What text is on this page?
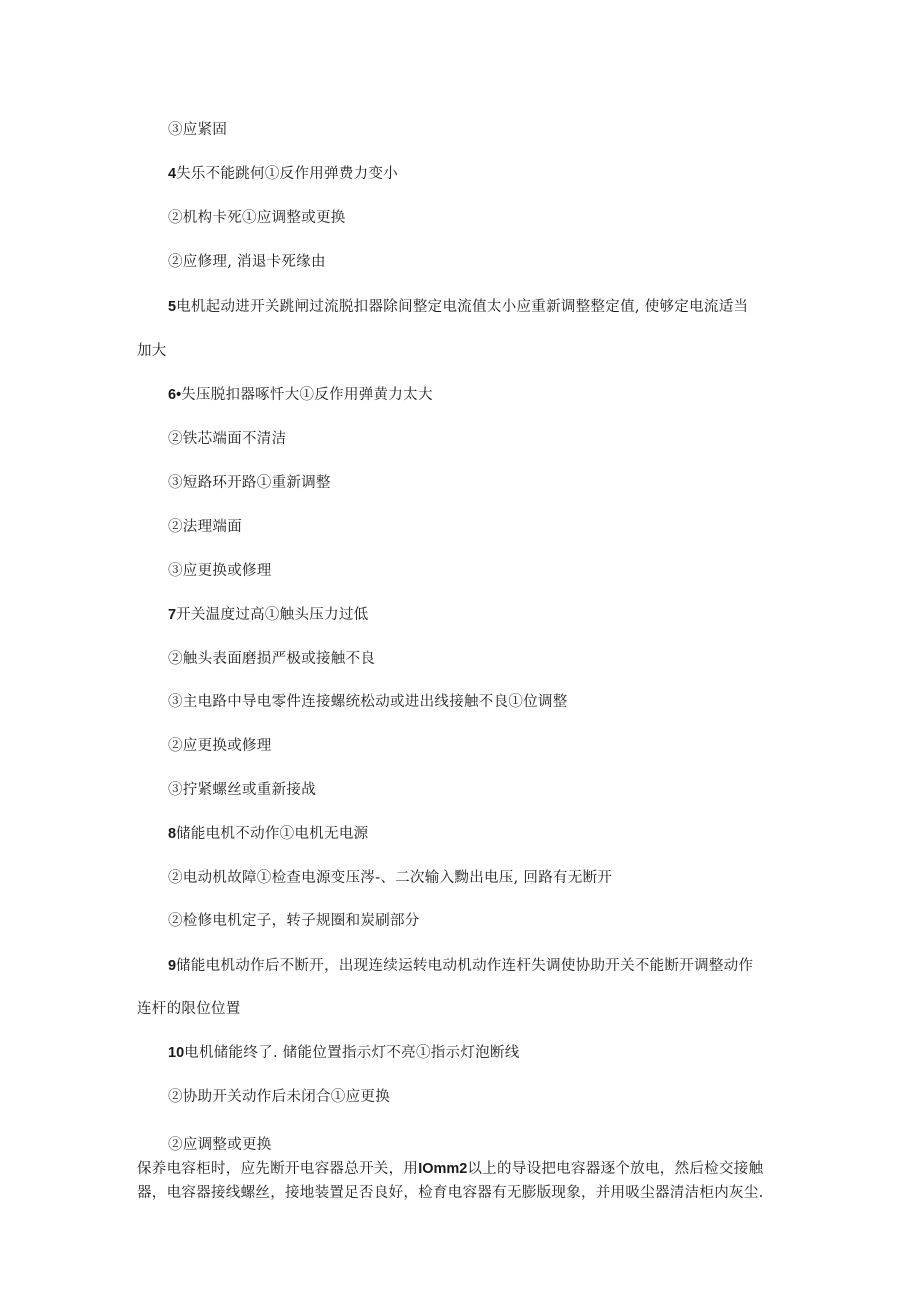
③应紧固
4失乐不能跳何①反作用弹费力变小
②机构卡死①应调整或更换
②应修理, 消退卡死缘由
5电机起动进开关跳闸过流脱扣器除间整定电流值太小应重新调整整定值, 使够定电流适当
加大
6•失压脱扣器啄忏大①反作用弹黄力太大
②铁芯端面不清洁
③短路环开路①重新调整
②法理端面
③应更换或修理
7开关温度过高①触头压力过低
②触头表面磨损严极或接触不良
③主电路中导电零件连接螺统松动或进出线接触不良①位调整
②应更换或修理
③拧紧螺丝或重新接战
8储能电机不动作①电机无电源
②电动机故障①检查电源变压涔-、二次输入黝出电压, 回路有无断开
②检修电机定子，转子规圈和炭刷部分
9储能电机动作后不断开，出现连续运转电动机动作连杆失调使协助开关不能断开调整动作
连杆的限位位置
10电机储能终了. 储能位置指示灯不亮①指示灯泡断线
②协助开关动作后未闭合①应更换
②应调整或更换
保养电容柜时，应先断开电容器总开关，用IOmm2以上的导设把电容器逐个放电，然后检交接触器，电容器接线螺丝，接地装置足否良好，检育电容器有无膨版现象，并用吸尘器清洁柜内灰尘.
